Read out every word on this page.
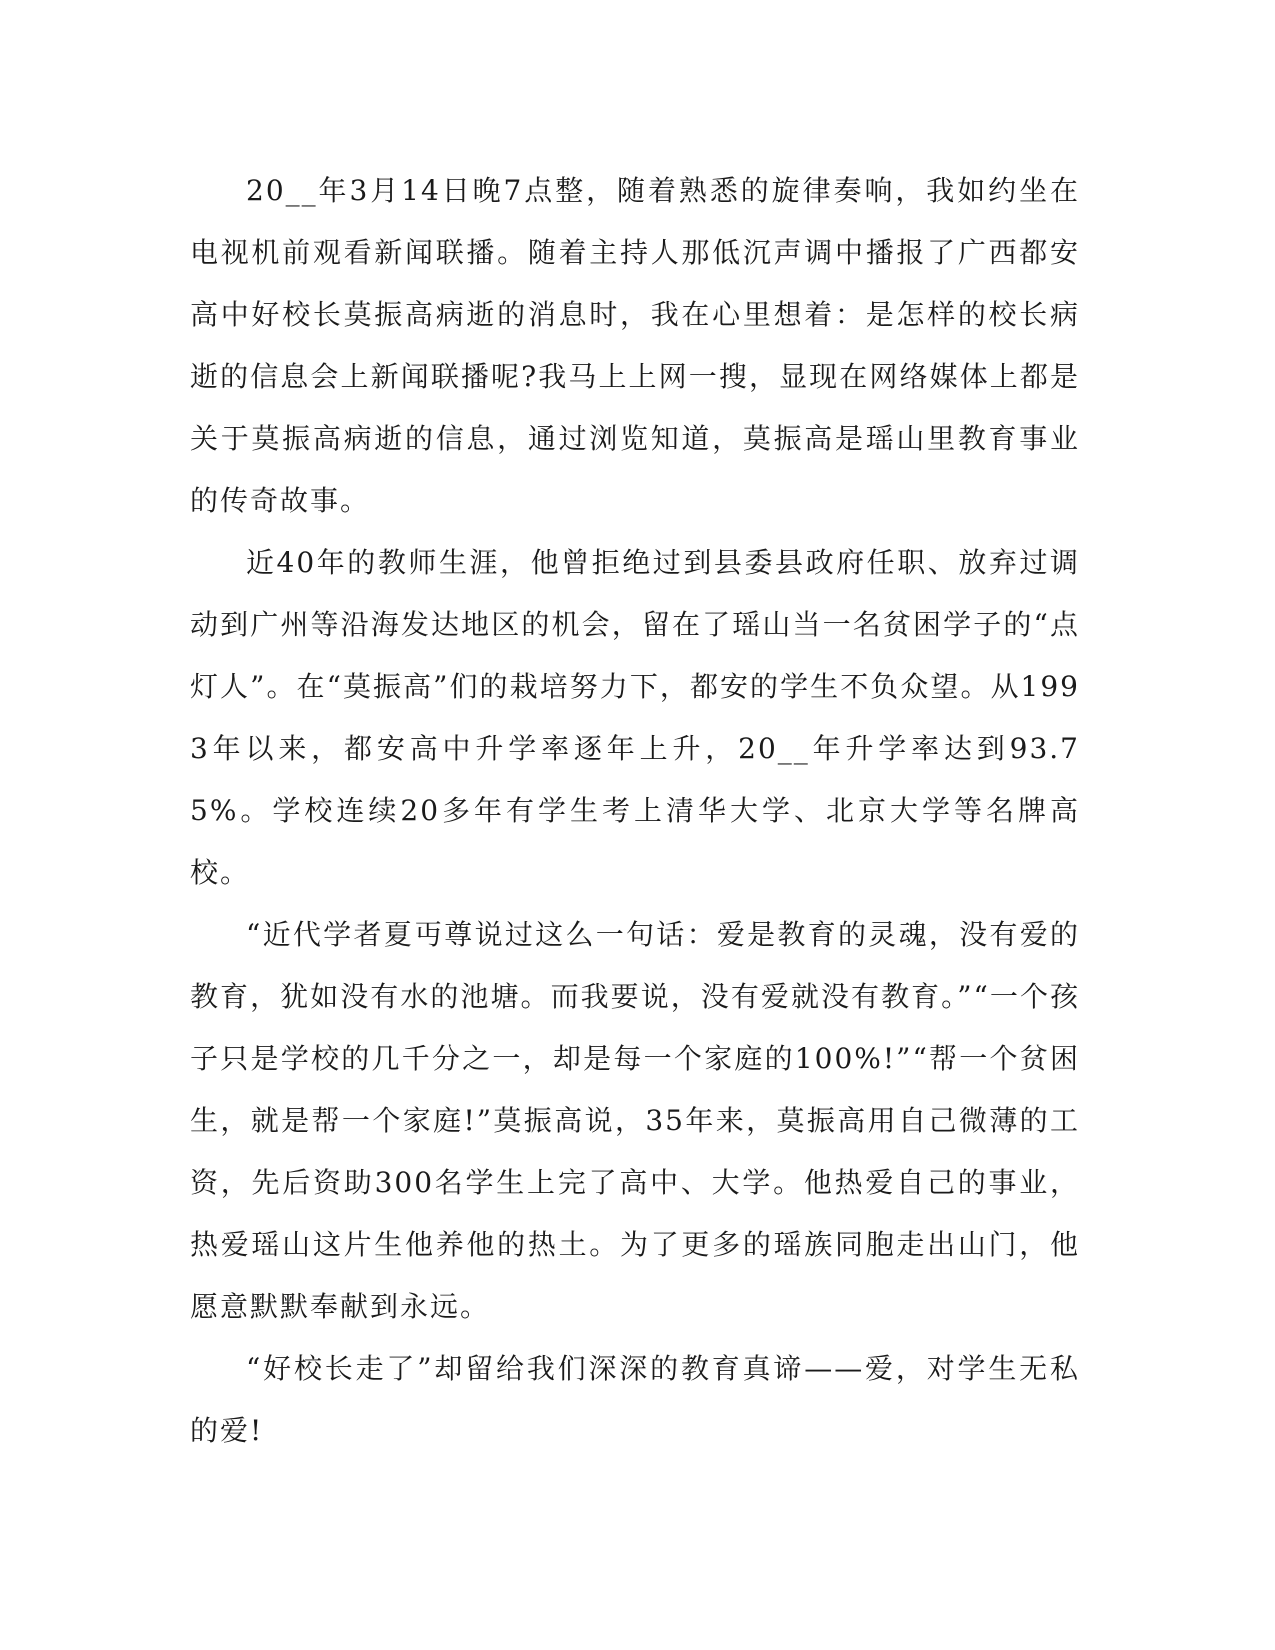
20__年3月14日晚7点整，随着熟悉的旋律奏响，我如约坐在电视机前观看新闻联播。随着主持人那低沉声调中播报了广西都安高中好校长莫振高病逝的消息时，我在心里想着：是怎样的校长病逝的信息会上新闻联播呢?我马上上网一搜，显现在网络媒体上都是关于莫振高病逝的信息，通过浏览知道，莫振高是瑶山里教育事业的传奇故事。

近40年的教师生涯，他曾拒绝过到县委县政府任职、放弃过调动到广州等沿海发达地区的机会，留在了瑶山当一名贫困学子的“点灯人”。在“莫振高”们的栽培努力下，都安的学生不负众望。从1993年以来，都安高中升学率逐年上升，20__年升学率达到93.75%。学校连续20多年有学生考上清华大学、北京大学等名牌高校。

“近代学者夏丏尊说过这么一句话：爱是教育的灵魂，没有爱的教育，犹如没有水的池塘。而我要说，没有爱就没有教育。”“一个孩子只是学校的几千分之一，却是每一个家庭的100%!”“帮一个贫困生，就是帮一个家庭!”莫振高说，35年来，莫振高用自己微薄的工资，先后资助300名学生上完了高中、大学。他热爱自己的事业，热爱瑶山这片生他养他的热土。为了更多的瑶族同胞走出山门，他愿意默默奉献到永远。

“好校长走了”却留给我们深深的教育真谛——爱，对学生无私的爱!
